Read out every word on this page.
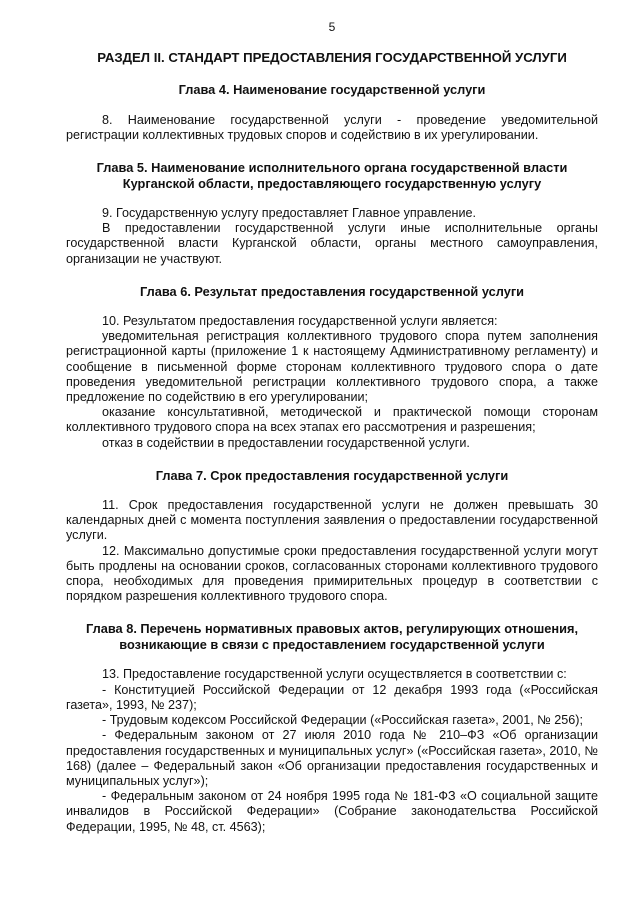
5
РАЗДЕЛ II. СТАНДАРТ ПРЕДОСТАВЛЕНИЯ ГОСУДАРСТВЕННОЙ УСЛУГИ
Глава 4. Наименование государственной услуги

8. Наименование государственной услуги - проведение уведомительной регистрации коллективных трудовых споров и содействию в их урегулировании.

Глава 5. Наименование исполнительного органа государственной власти Курганской области, предоставляющего государственную услугу

9. Государственную услугу предоставляет Главное управление.

В предоставлении государственной услуги иные исполнительные органы государственной власти Курганской области, органы местного самоуправления, организации не участвуют.

Глава 6. Результат предоставления государственной услуги

10. Результатом предоставления государственной услуги является:

уведомительная регистрация коллективного трудового спора путем заполнения регистрационной карты (приложение 1 к настоящему Административному регламенту) и сообщение в письменной форме сторонам коллективного трудового спора о дате проведения уведомительной регистрации коллективного трудового спора, а также предложение по содействию в его урегулировании;

оказание консультативной, методической и практической помощи сторонам коллективного трудового спора на всех этапах его рассмотрения и разрешения;

отказ в содействии в предоставлении государственной услуги.

Глава 7. Срок предоставления государственной услуги

11. Срок предоставления государственной услуги не должен превышать 30 календарных дней с момента поступления заявления о предоставлении государственной услуги.

12. Максимально допустимые сроки предоставления государственной услуги могут быть продлены на основании сроков, согласованных сторонами коллективного трудового спора, необходимых для проведения примирительных процедур в соответствии с порядком разрешения коллективного трудового спора.

Глава 8. Перечень нормативных правовых актов, регулирующих отношения, возникающие в связи с предоставлением государственной услуги

13. Предоставление государственной услуги осуществляется в соответствии с:

- Конституцией Российской Федерации от 12 декабря 1993 года («Российская газета», 1993, № 237);

- Трудовым кодексом Российской Федерации («Российская газета», 2001, № 256);

- Федеральным законом от 27 июля 2010 года № 210–ФЗ «Об организации предоставления государственных и муниципальных услуг» («Российская газета», 2010, № 168) (далее – Федеральный закон «Об организации предоставления государственных и муниципальных услуг»);

- Федеральным законом от 24 ноября 1995 года № 181-ФЗ «О социальной защите инвалидов в Российской Федерации» (Собрание законодательства Российской Федерации, 1995, № 48, ст. 4563);
